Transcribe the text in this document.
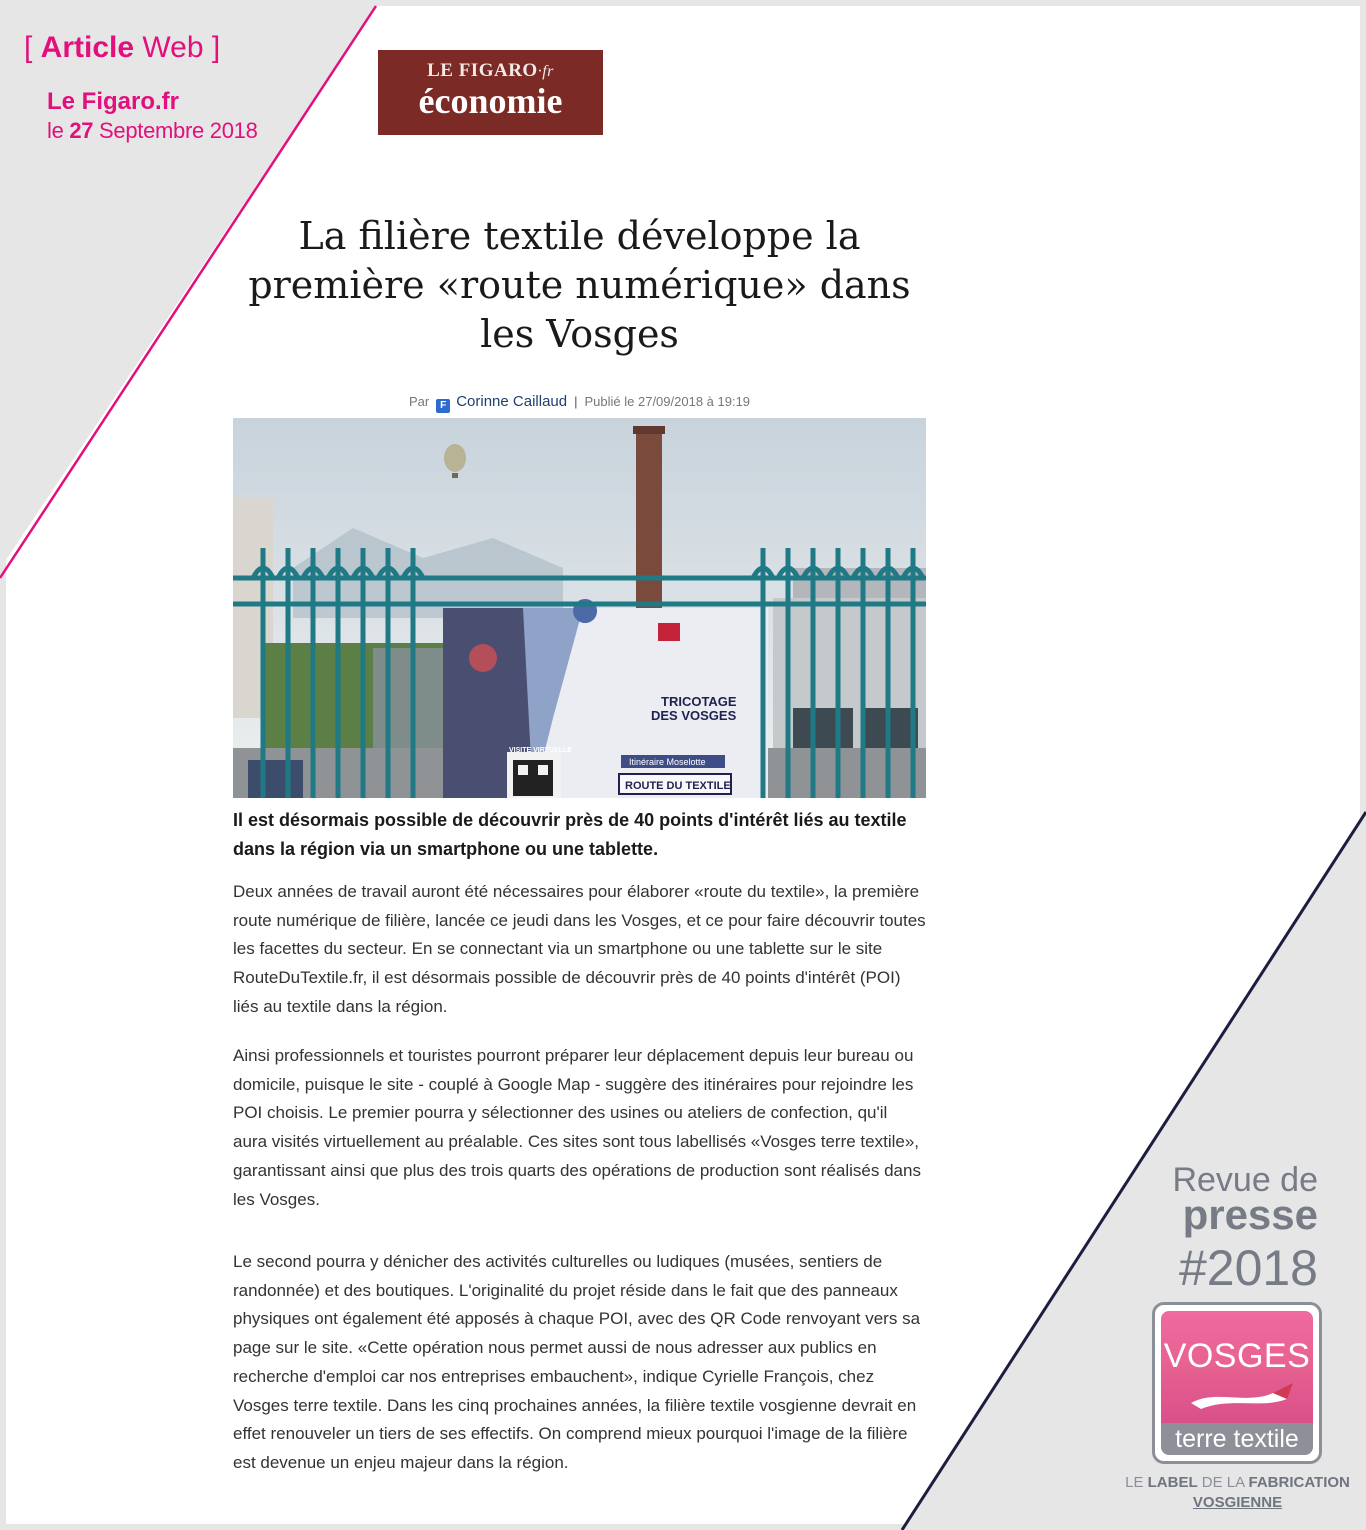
[ Article Web ]
Le Figaro.fr
le 27 Septembre 2018
LE FIGARO·fr
économie
La filière textile développe la première «route numérique» dans les Vosges
Par F Corinne Caillaud | Publié le 27/09/2018 à 19:19
TRICOTAGE
DES VOSGES
Itinéraire Moselotte
ROUTE DU TEXTILE
VISITE VIRTUELLE

Il est désormais possible de découvrir près de 40 points d'intérêt liés au textile dans la région via un smartphone ou une tablette.

Deux années de travail auront été nécessaires pour élaborer «route du textile», la première route numérique de filière, lancée ce jeudi dans les Vosges, et ce pour faire découvrir toutes les facettes du secteur. En se connectant via un smartphone ou une tablette sur le site RouteDuTextile.fr, il est désormais possible de découvrir près de 40 points d'intérêt (POI) liés au textile dans la région.

Ainsi professionnels et touristes pourront préparer leur déplacement depuis leur bureau ou domicile, puisque le site - couplé à Google Map - suggère des itinéraires pour rejoindre les POI choisis. Le premier pourra y sélectionner des usines ou ateliers de confection, qu'il aura visités virtuellement au préalable. Ces sites sont tous labellisés «Vosges terre textile», garantissant ainsi que plus des trois quarts des opérations de production sont réalisés dans les Vosges.

Le second pourra y dénicher des activités culturelles ou ludiques (musées, sentiers de randonnée) et des boutiques. L'originalité du projet réside dans le fait que des panneaux physiques ont également été apposés à chaque POI, avec des QR Code renvoyant vers sa page sur le site. «Cette opération nous permet aussi de nous adresser aux publics en recherche d'emploi car nos entreprises embauchent», indique Cyrielle François, chez Vosges terre textile. Dans les cinq prochaines années, la filière textile vosgienne devrait en effet renouveler un tiers de ses effectifs. On comprend mieux pourquoi l'image de la filière est devenue un enjeu majeur dans la région.

Revue de
presse
#2018
VOSGES
terre textile
LE LABEL DE LA FABRICATION
VOSGIENNE
